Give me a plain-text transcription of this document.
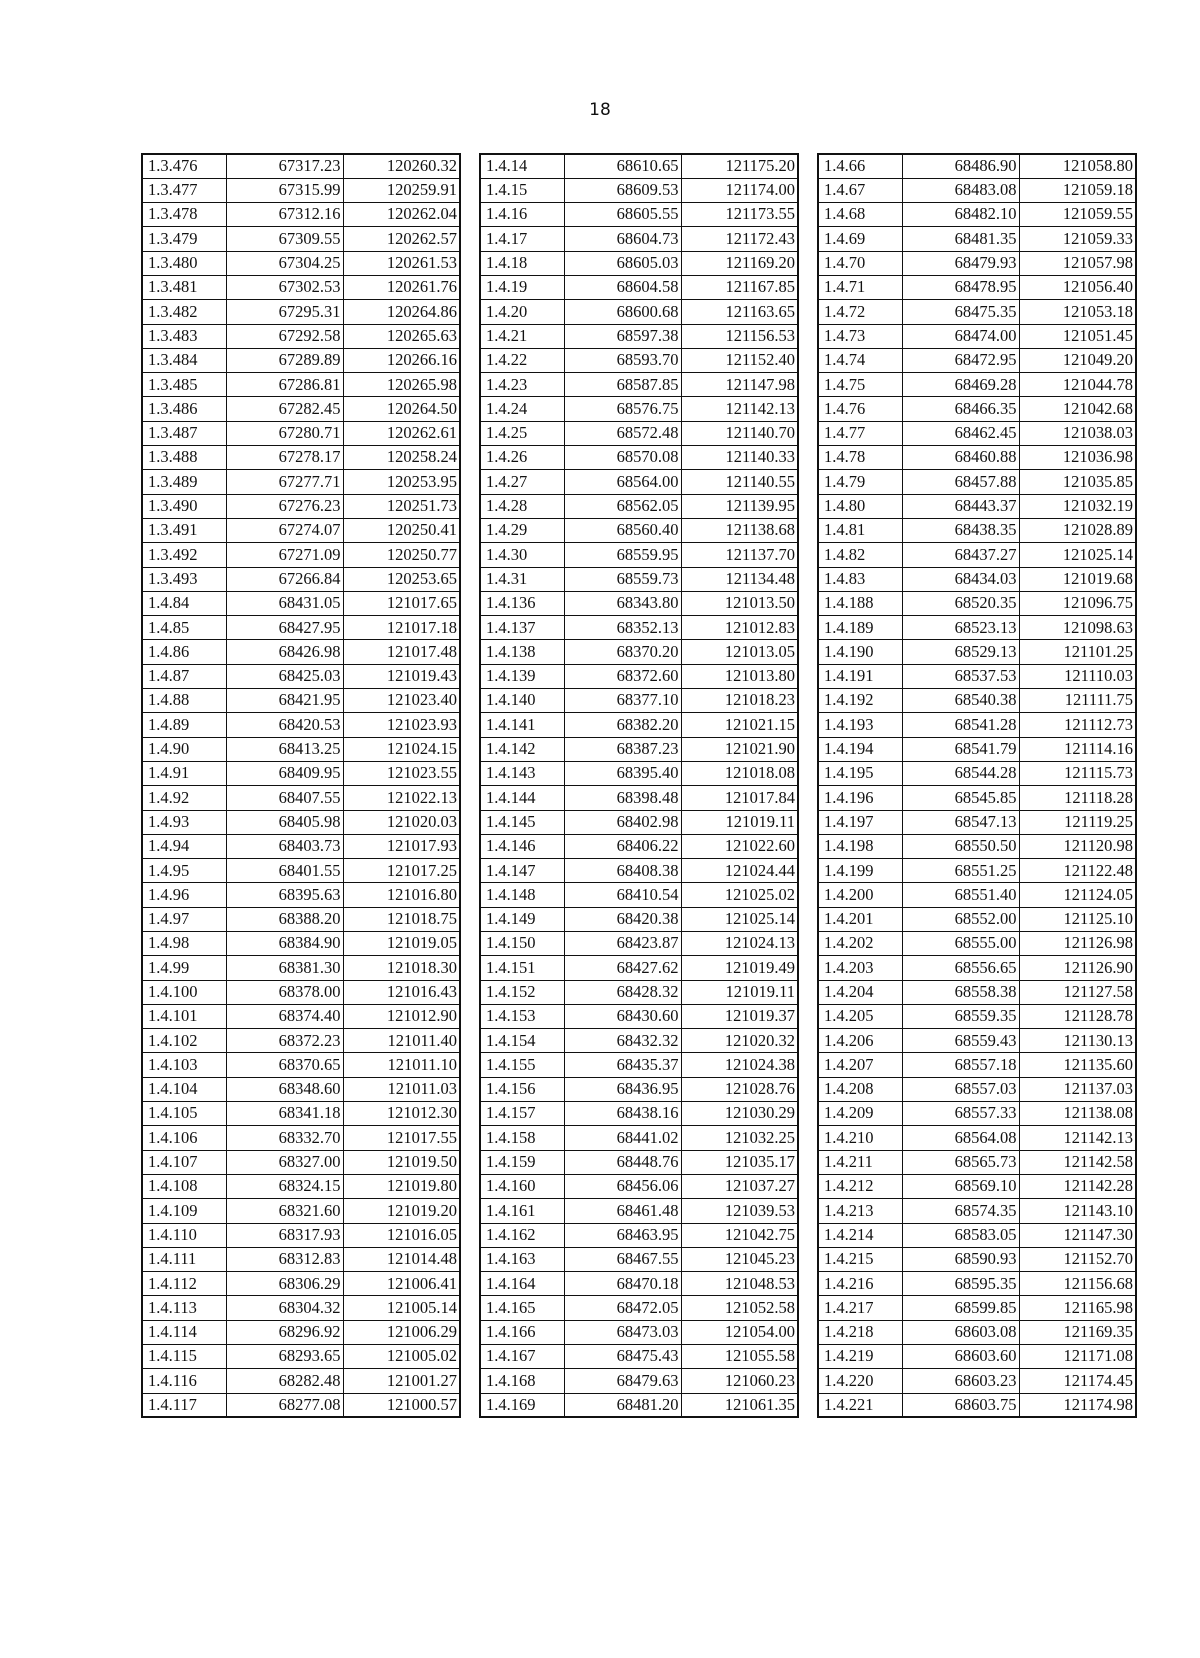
18
1.3.476	67317.23	120260.32
1.3.477	67315.99	120259.91
1.3.478	67312.16	120262.04
1.3.479	67309.55	120262.57
1.3.480	67304.25	120261.53
1.3.481	67302.53	120261.76
1.3.482	67295.31	120264.86
1.3.483	67292.58	120265.63
1.3.484	67289.89	120266.16
1.3.485	67286.81	120265.98
1.3.486	67282.45	120264.50
1.3.487	67280.71	120262.61
1.3.488	67278.17	120258.24
1.3.489	67277.71	120253.95
1.3.490	67276.23	120251.73
1.3.491	67274.07	120250.41
1.3.492	67271.09	120250.77
1.3.493	67266.84	120253.65
1.4.84	68431.05	121017.65
1.4.85	68427.95	121017.18
1.4.86	68426.98	121017.48
1.4.87	68425.03	121019.43
1.4.88	68421.95	121023.40
1.4.89	68420.53	121023.93
1.4.90	68413.25	121024.15
1.4.91	68409.95	121023.55
1.4.92	68407.55	121022.13
1.4.93	68405.98	121020.03
1.4.94	68403.73	121017.93
1.4.95	68401.55	121017.25
1.4.96	68395.63	121016.80
1.4.97	68388.20	121018.75
1.4.98	68384.90	121019.05
1.4.99	68381.30	121018.30
1.4.100	68378.00	121016.43
1.4.101	68374.40	121012.90
1.4.102	68372.23	121011.40
1.4.103	68370.65	121011.10
1.4.104	68348.60	121011.03
1.4.105	68341.18	121012.30
1.4.106	68332.70	121017.55
1.4.107	68327.00	121019.50
1.4.108	68324.15	121019.80
1.4.109	68321.60	121019.20
1.4.110	68317.93	121016.05
1.4.111	68312.83	121014.48
1.4.112	68306.29	121006.41
1.4.113	68304.32	121005.14
1.4.114	68296.92	121006.29
1.4.115	68293.65	121005.02
1.4.116	68282.48	121001.27
1.4.117	68277.08	121000.57
1.4.14	68610.65	121175.20
1.4.15	68609.53	121174.00
1.4.16	68605.55	121173.55
1.4.17	68604.73	121172.43
1.4.18	68605.03	121169.20
1.4.19	68604.58	121167.85
1.4.20	68600.68	121163.65
1.4.21	68597.38	121156.53
1.4.22	68593.70	121152.40
1.4.23	68587.85	121147.98
1.4.24	68576.75	121142.13
1.4.25	68572.48	121140.70
1.4.26	68570.08	121140.33
1.4.27	68564.00	121140.55
1.4.28	68562.05	121139.95
1.4.29	68560.40	121138.68
1.4.30	68559.95	121137.70
1.4.31	68559.73	121134.48
1.4.136	68343.80	121013.50
1.4.137	68352.13	121012.83
1.4.138	68370.20	121013.05
1.4.139	68372.60	121013.80
1.4.140	68377.10	121018.23
1.4.141	68382.20	121021.15
1.4.142	68387.23	121021.90
1.4.143	68395.40	121018.08
1.4.144	68398.48	121017.84
1.4.145	68402.98	121019.11
1.4.146	68406.22	121022.60
1.4.147	68408.38	121024.44
1.4.148	68410.54	121025.02
1.4.149	68420.38	121025.14
1.4.150	68423.87	121024.13
1.4.151	68427.62	121019.49
1.4.152	68428.32	121019.11
1.4.153	68430.60	121019.37
1.4.154	68432.32	121020.32
1.4.155	68435.37	121024.38
1.4.156	68436.95	121028.76
1.4.157	68438.16	121030.29
1.4.158	68441.02	121032.25
1.4.159	68448.76	121035.17
1.4.160	68456.06	121037.27
1.4.161	68461.48	121039.53
1.4.162	68463.95	121042.75
1.4.163	68467.55	121045.23
1.4.164	68470.18	121048.53
1.4.165	68472.05	121052.58
1.4.166	68473.03	121054.00
1.4.167	68475.43	121055.58
1.4.168	68479.63	121060.23
1.4.169	68481.20	121061.35
1.4.66	68486.90	121058.80
1.4.67	68483.08	121059.18
1.4.68	68482.10	121059.55
1.4.69	68481.35	121059.33
1.4.70	68479.93	121057.98
1.4.71	68478.95	121056.40
1.4.72	68475.35	121053.18
1.4.73	68474.00	121051.45
1.4.74	68472.95	121049.20
1.4.75	68469.28	121044.78
1.4.76	68466.35	121042.68
1.4.77	68462.45	121038.03
1.4.78	68460.88	121036.98
1.4.79	68457.88	121035.85
1.4.80	68443.37	121032.19
1.4.81	68438.35	121028.89
1.4.82	68437.27	121025.14
1.4.83	68434.03	121019.68
1.4.188	68520.35	121096.75
1.4.189	68523.13	121098.63
1.4.190	68529.13	121101.25
1.4.191	68537.53	121110.03
1.4.192	68540.38	121111.75
1.4.193	68541.28	121112.73
1.4.194	68541.79	121114.16
1.4.195	68544.28	121115.73
1.4.196	68545.85	121118.28
1.4.197	68547.13	121119.25
1.4.198	68550.50	121120.98
1.4.199	68551.25	121122.48
1.4.200	68551.40	121124.05
1.4.201	68552.00	121125.10
1.4.202	68555.00	121126.98
1.4.203	68556.65	121126.90
1.4.204	68558.38	121127.58
1.4.205	68559.35	121128.78
1.4.206	68559.43	121130.13
1.4.207	68557.18	121135.60
1.4.208	68557.03	121137.03
1.4.209	68557.33	121138.08
1.4.210	68564.08	121142.13
1.4.211	68565.73	121142.58
1.4.212	68569.10	121142.28
1.4.213	68574.35	121143.10
1.4.214	68583.05	121147.30
1.4.215	68590.93	121152.70
1.4.216	68595.35	121156.68
1.4.217	68599.85	121165.98
1.4.218	68603.08	121169.35
1.4.219	68603.60	121171.08
1.4.220	68603.23	121174.45
1.4.221	68603.75	121174.98
